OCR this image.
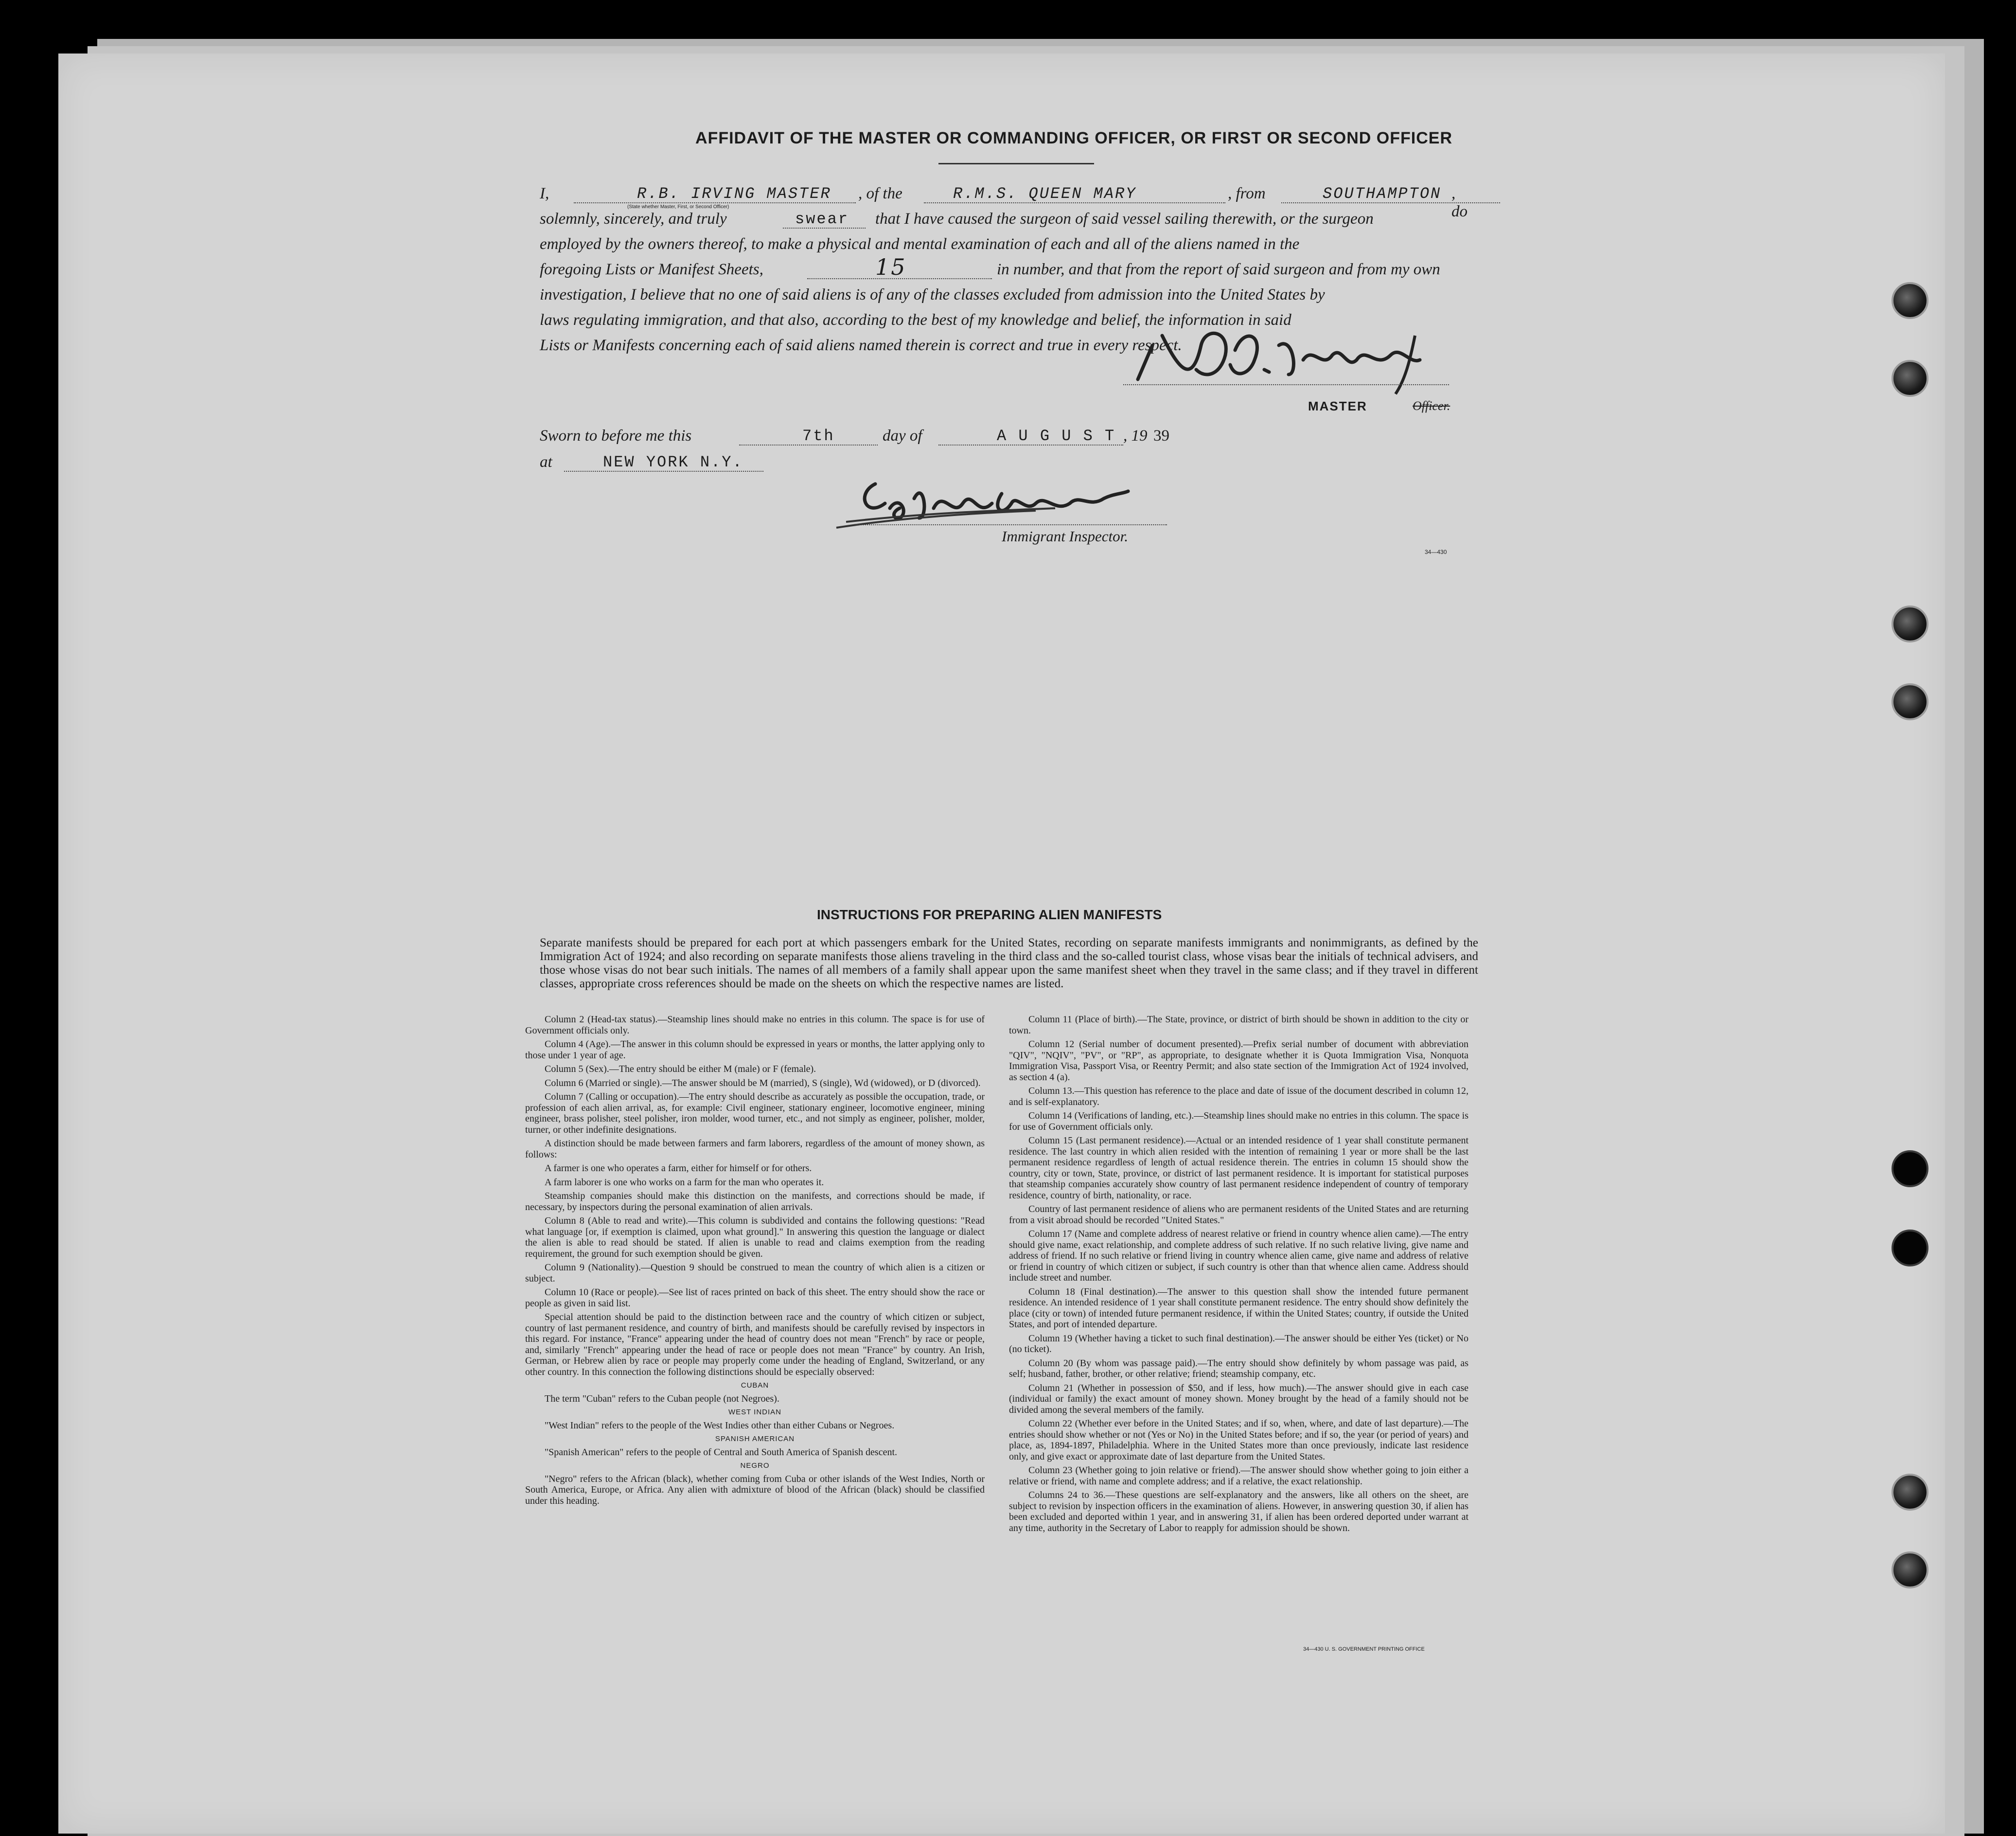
AFFIDAVIT OF THE MASTER OR COMMANDING OFFICER, OR FIRST OR SECOND OFFICER
I,	R.B. IRVING MASTER , of the	R.M.S. QUEEN MARY	, from	SOUTHAMPTON , do
(State whether Master, First, or Second Officer)
solemnly, sincerely, and truly	swear that I have caused the surgeon of said vessel sailing therewith, or the surgeon
employed by the owners thereof, to make a physical and mental examination of each and all of the aliens named in the
foregoing Lists or Manifest Sheets,	15	in number, and that from the report of said surgeon and from my own
investigation, I believe that no one of said aliens is of any of the classes excluded from admission into the United States by
laws regulating immigration, and that also, according to the best of my knowledge and belief, the information in said
Lists or Manifests concerning each of said aliens named therein is correct and true in every respect.
MASTER	Officer.
Sworn to before me this	7th	day of	A U G U S T , 19 39
at	NEW YORK N.Y.
Immigrant Inspector.
34—430
INSTRUCTIONS FOR PREPARING ALIEN MANIFESTS
Separate manifests should be prepared for each port at which passengers embark for the United States, recording on separate manifests immigrants and nonimmigrants, as defined by the Immigration Act of 1924; and also recording on separate manifests those aliens traveling in the third class and the so-called tourist class, whose visas bear the initials of technical advisers, and those whose visas do not bear such initials. The names of all members of a family shall appear upon the same manifest sheet when they travel in the same class; and if they travel in different classes, appropriate cross references should be made on the sheets on which the respective names are listed.

Column 2 (Head-tax status).—Steamship lines should make no entries in this column. The space is for use of Government officials only.

Column 4 (Age).—The answer in this column should be expressed in years or months, the latter applying only to those under 1 year of age.

Column 5 (Sex).—The entry should be either M (male) or F (female).

Column 6 (Married or single).—The answer should be M (married), S (single), Wd (widowed), or D (divorced).

Column 7 (Calling or occupation).—The entry should describe as accurately as possible the occupation, trade, or profession of each alien arrival, as, for example: Civil engineer, stationary engineer, locomotive engineer, mining engineer, brass polisher, steel polisher, iron molder, wood turner, etc., and not simply as engineer, polisher, molder, turner, or other indefinite designations.

A distinction should be made between farmers and farm laborers, regardless of the amount of money shown, as follows:

A farmer is one who operates a farm, either for himself or for others.

A farm laborer is one who works on a farm for the man who operates it.

Steamship companies should make this distinction on the manifests, and corrections should be made, if necessary, by inspectors during the personal examination of alien arrivals.

Column 8 (Able to read and write).—This column is subdivided and contains the following questions: "Read what language [or, if exemption is claimed, upon what ground]." In answering this question the language or dialect the alien is able to read should be stated. If alien is unable to read and claims exemption from the reading requirement, the ground for such exemption should be given.

Column 9 (Nationality).—Question 9 should be construed to mean the country of which alien is a citizen or subject.

Column 10 (Race or people).—See list of races printed on back of this sheet. The entry should show the race or people as given in said list.

Special attention should be paid to the distinction between race and the country of which citizen or subject, country of last permanent residence, and country of birth, and manifests should be carefully revised by inspectors in this regard. For instance, "France" appearing under the head of country does not mean "French" by race or people, and, similarly "French" appearing under the head of race or people does not mean "France" by country. An Irish, German, or Hebrew alien by race or people may properly come under the heading of England, Switzerland, or any other country. In this connection the following distinctions should be especially observed:

CUBAN

The term "Cuban" refers to the Cuban people (not Negroes).

WEST INDIAN

"West Indian" refers to the people of the West Indies other than either Cubans or Negroes.

SPANISH AMERICAN

"Spanish American" refers to the people of Central and South America of Spanish descent.

NEGRO

"Negro" refers to the African (black), whether coming from Cuba or other islands of the West Indies, North or South America, Europe, or Africa. Any alien with admixture of blood of the African (black) should be classified under this heading.

Column 11 (Place of birth).—The State, province, or district of birth should be shown in addition to the city or town.

Column 12 (Serial number of document presented).—Prefix serial number of document with abbreviation "QIV", "NQIV", "PV", or "RP", as appropriate, to designate whether it is Quota Immigration Visa, Nonquota Immigration Visa, Passport Visa, or Reentry Permit; and also state section of the Immigration Act of 1924 involved, as section 4 (a).

Column 13.—This question has reference to the place and date of issue of the document described in column 12, and is self-explanatory.

Column 14 (Verifications of landing, etc.).—Steamship lines should make no entries in this column. The space is for use of Government officials only.

Column 15 (Last permanent residence).—Actual or an intended residence of 1 year shall constitute permanent residence. The last country in which alien resided with the intention of remaining 1 year or more shall be the last permanent residence regardless of length of actual residence therein. The entries in column 15 should show the country, city or town, State, province, or district of last permanent residence. It is important for statistical purposes that steamship companies accurately show country of last permanent residence independent of country of temporary residence, country of birth, nationality, or race.

Country of last permanent residence of aliens who are permanent residents of the United States and are returning from a visit abroad should be recorded "United States."

Column 17 (Name and complete address of nearest relative or friend in country whence alien came).—The entry should give name, exact relationship, and complete address of such relative. If no such relative living, give name and address of friend. If no such relative or friend living in country whence alien came, give name and address of relative or friend in country of which citizen or subject, if such country is other than that whence alien came. Address should include street and number.

Column 18 (Final destination).—The answer to this question shall show the intended future permanent residence. An intended residence of 1 year shall constitute permanent residence. The entry should show definitely the place (city or town) of intended future permanent residence, if within the United States; country, if outside the United States, and port of intended departure.

Column 19 (Whether having a ticket to such final destination).—The answer should be either Yes (ticket) or No (no ticket).

Column 20 (By whom was passage paid).—The entry should show definitely by whom passage was paid, as self; husband, father, brother, or other relative; friend; steamship company, etc.

Column 21 (Whether in possession of $50, and if less, how much).—The answer should give in each case (individual or family) the exact amount of money shown. Money brought by the head of a family should not be divided among the several members of the family.

Column 22 (Whether ever before in the United States; and if so, when, where, and date of last departure).—The entries should show whether or not (Yes or No) in the United States before; and if so, the year (or period of years) and place, as, 1894-1897, Philadelphia. Where in the United States more than once previously, indicate last residence only, and give exact or approximate date of last departure from the United States.

Column 23 (Whether going to join relative or friend).—The answer should show whether going to join either a relative or friend, with name and complete address; and if a relative, the exact relationship.

Columns 24 to 36.—These questions are self-explanatory and the answers, like all others on the sheet, are subject to revision by inspection officers in the examination of aliens. However, in answering question 30, if alien has been excluded and deported within 1 year, and in answering 31, if alien has been ordered deported under warrant at any time, authority in the Secretary of Labor to reapply for admission should be shown.

34—430 U. S. GOVERNMENT PRINTING OFFICE
